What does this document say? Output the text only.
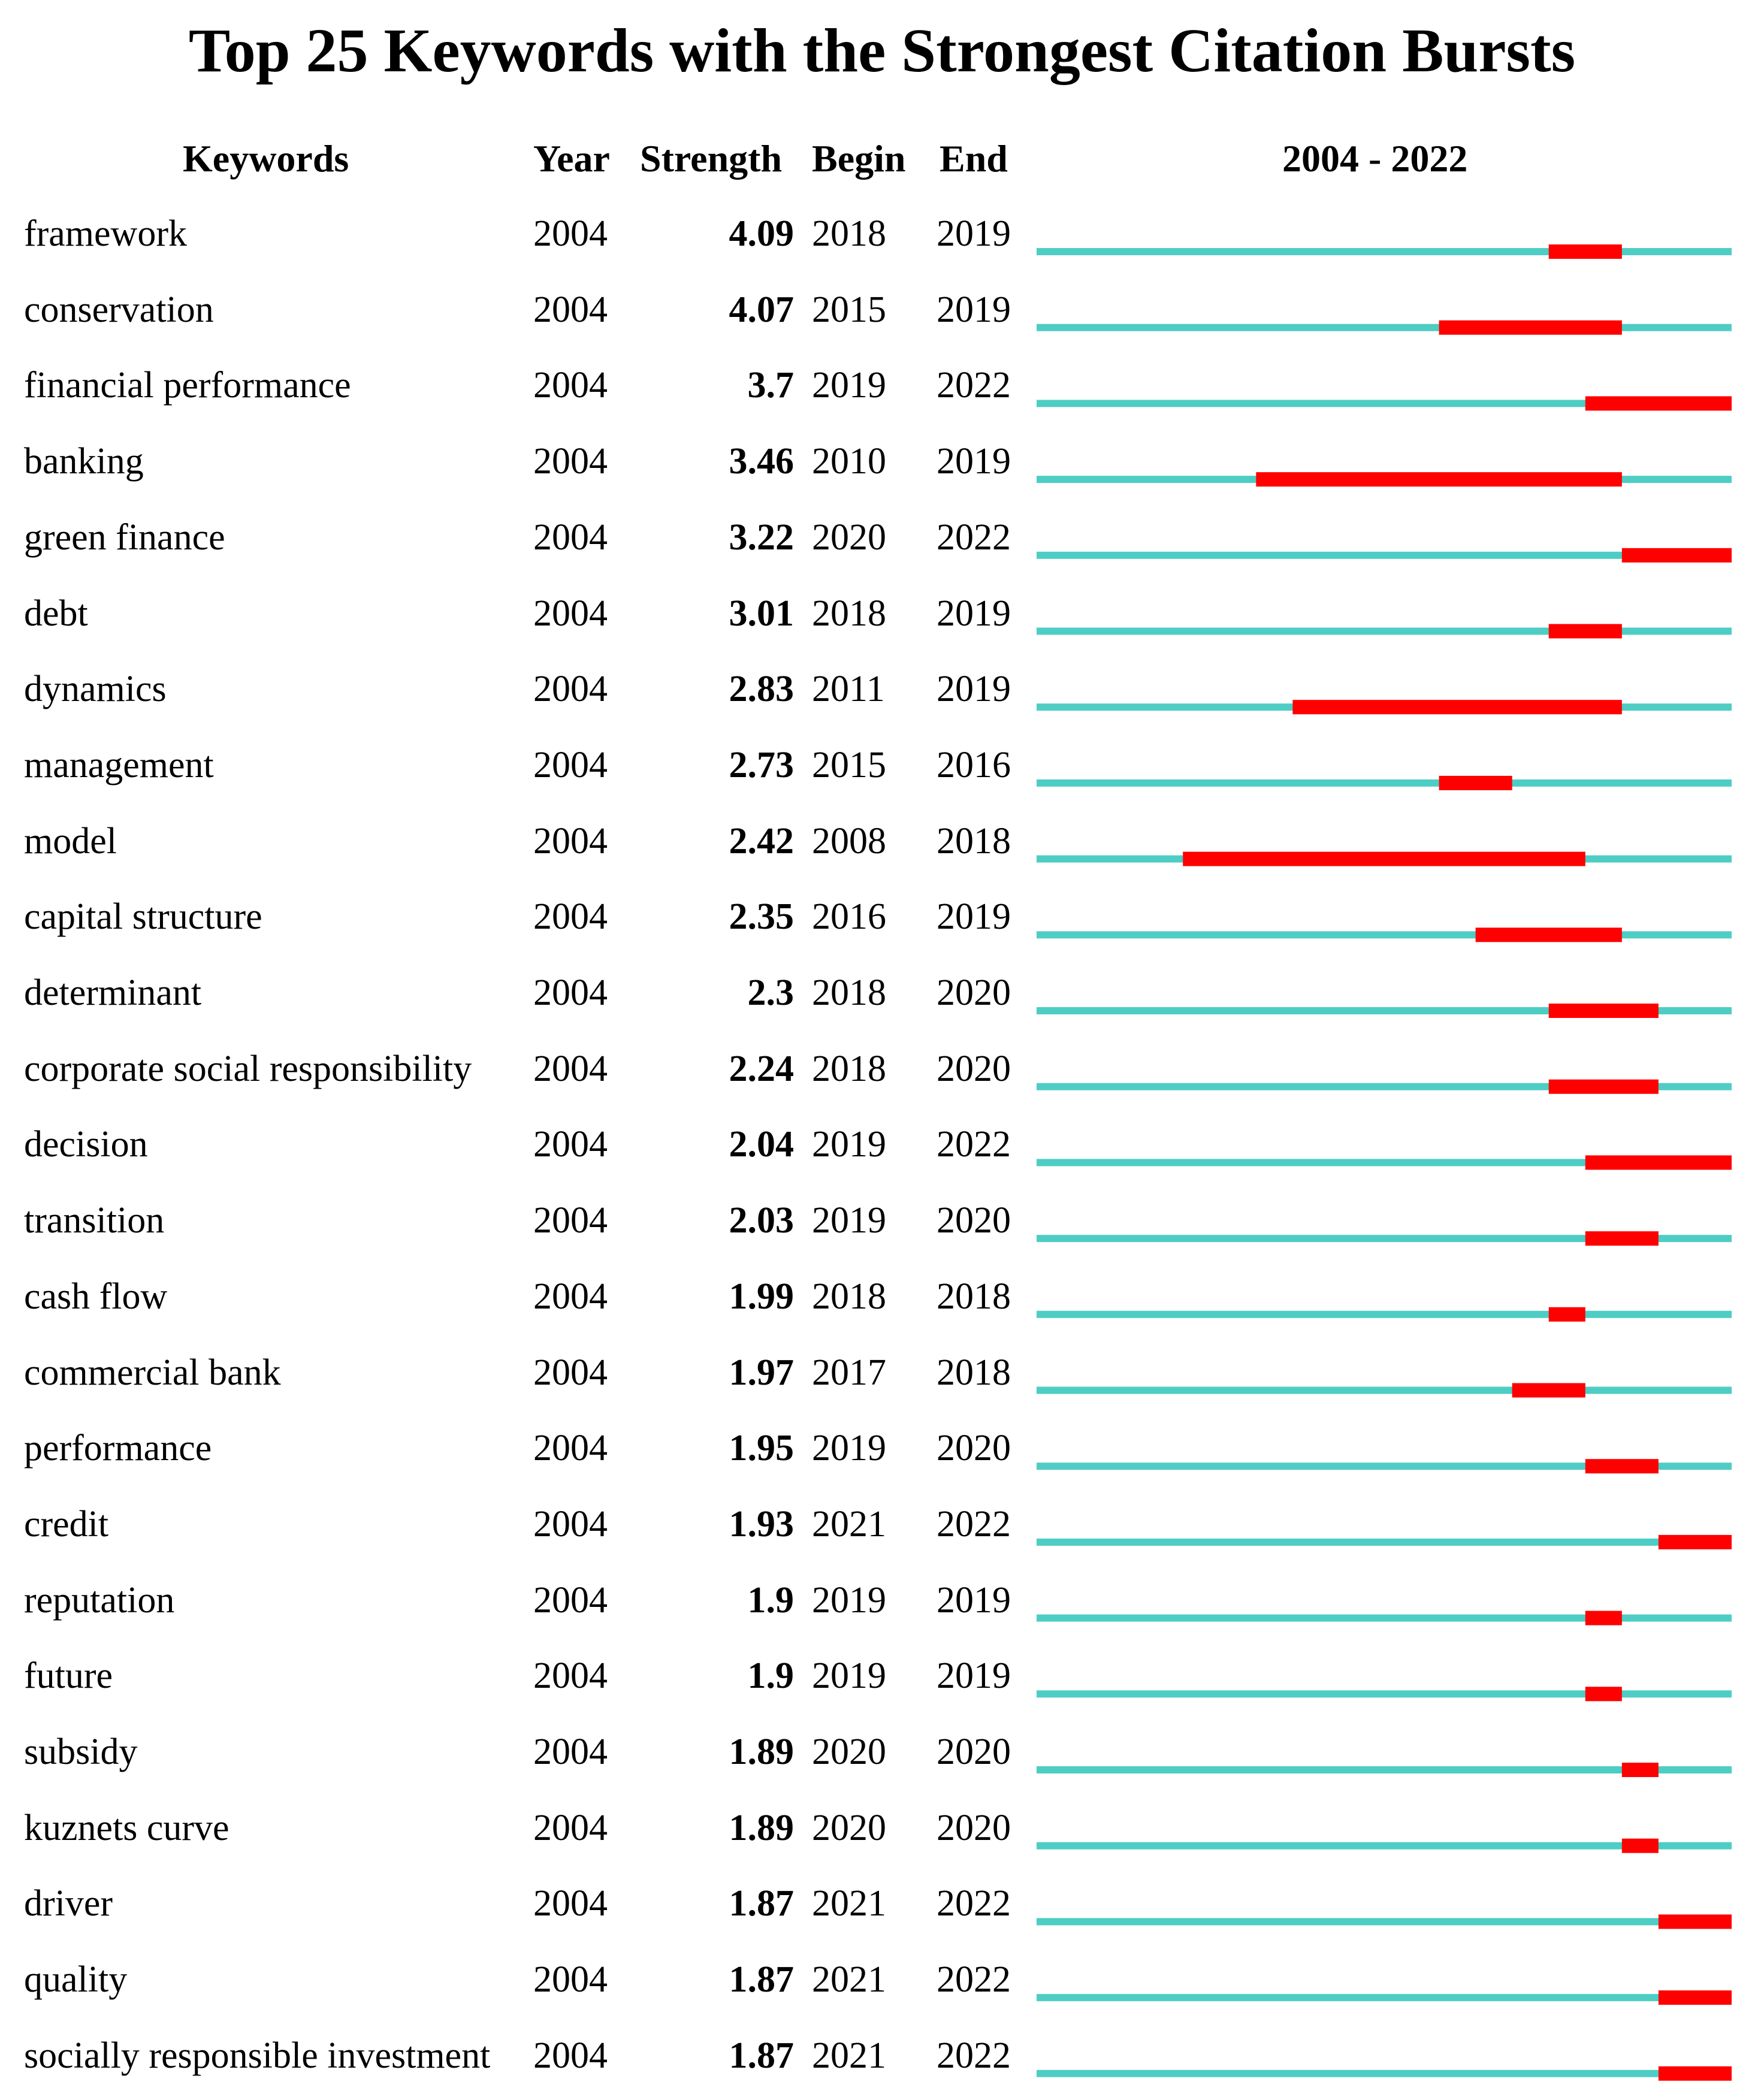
Top 25 Keywords with the Strongest Citation Bursts
Keywords	Year Strength Begin End	2004 - 2022
framework	2004	4.09 2018 2019
conservation	2004	4.07 2015 2019
financial performance	2004	3.7 2019 2022
banking	2004	3.46 2010 2019
green finance	2004	3.22 2020 2022
debt	2004	3.01 2018 2019
dynamics	2004	2.83 2011 2019
management	2004	2.73 2015 2016
model	2004	2.42 2008 2018
capital structure	2004	2.35 2016 2019
determinant	2004	2.3 2018 2020
corporate social responsibility 2004	2.24 2018 2020
decision	2004	2.04 2019 2022
transition	2004	2.03 2019 2020
cash flow	2004	1.99 2018 2018
commercial bank	2004	1.97 2017 2018
performance	2004	1.95 2019 2020
credit	2004	1.93 2021 2022
reputation	2004	1.9 2019 2019
future	2004	1.9 2019 2019
subsidy	2004	1.89 2020 2020
kuznets curve	2004	1.89 2020 2020
driver	2004	1.87 2021 2022
quality	2004	1.87 2021 2022
socially responsible investment 2004	1.87 2021 2022
